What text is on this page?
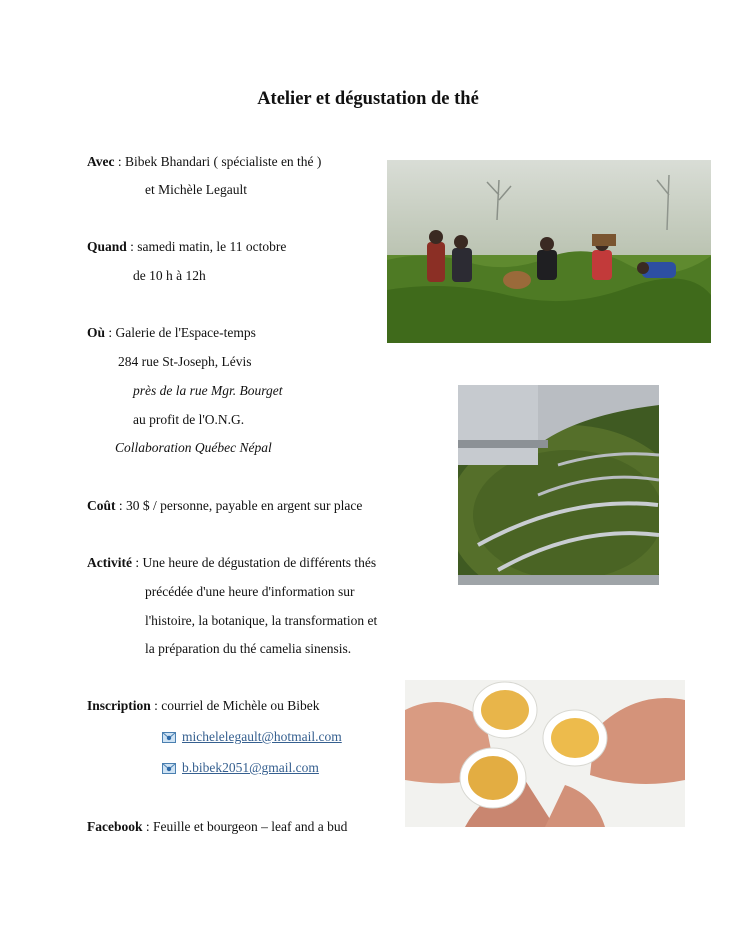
Atelier et dégustation de thé
Avec : Bibek Bhandari ( spécialiste en thé )
et Michèle Legault
Quand : samedi matin, le 11 octobre
de 10 h à 12h
Où : Galerie de l'Espace-temps
284 rue St-Joseph, Lévis
près de la rue Mgr. Bourget
au profit de l'O.N.G.
Collaboration Québec Népal
Coût : 30 $ / personne, payable en argent sur place
Activité : Une heure de dégustation de différents thés
précédée d'une heure d'information sur
l'histoire, la botanique, la transformation et
la préparation du thé camelia sinensis.
Inscription : courriel de Michèle ou Bibek
michelelegault@hotmail.com
b.bibek2051@gmail.com
Facebook : Feuille et bourgeon – leaf and a bud
